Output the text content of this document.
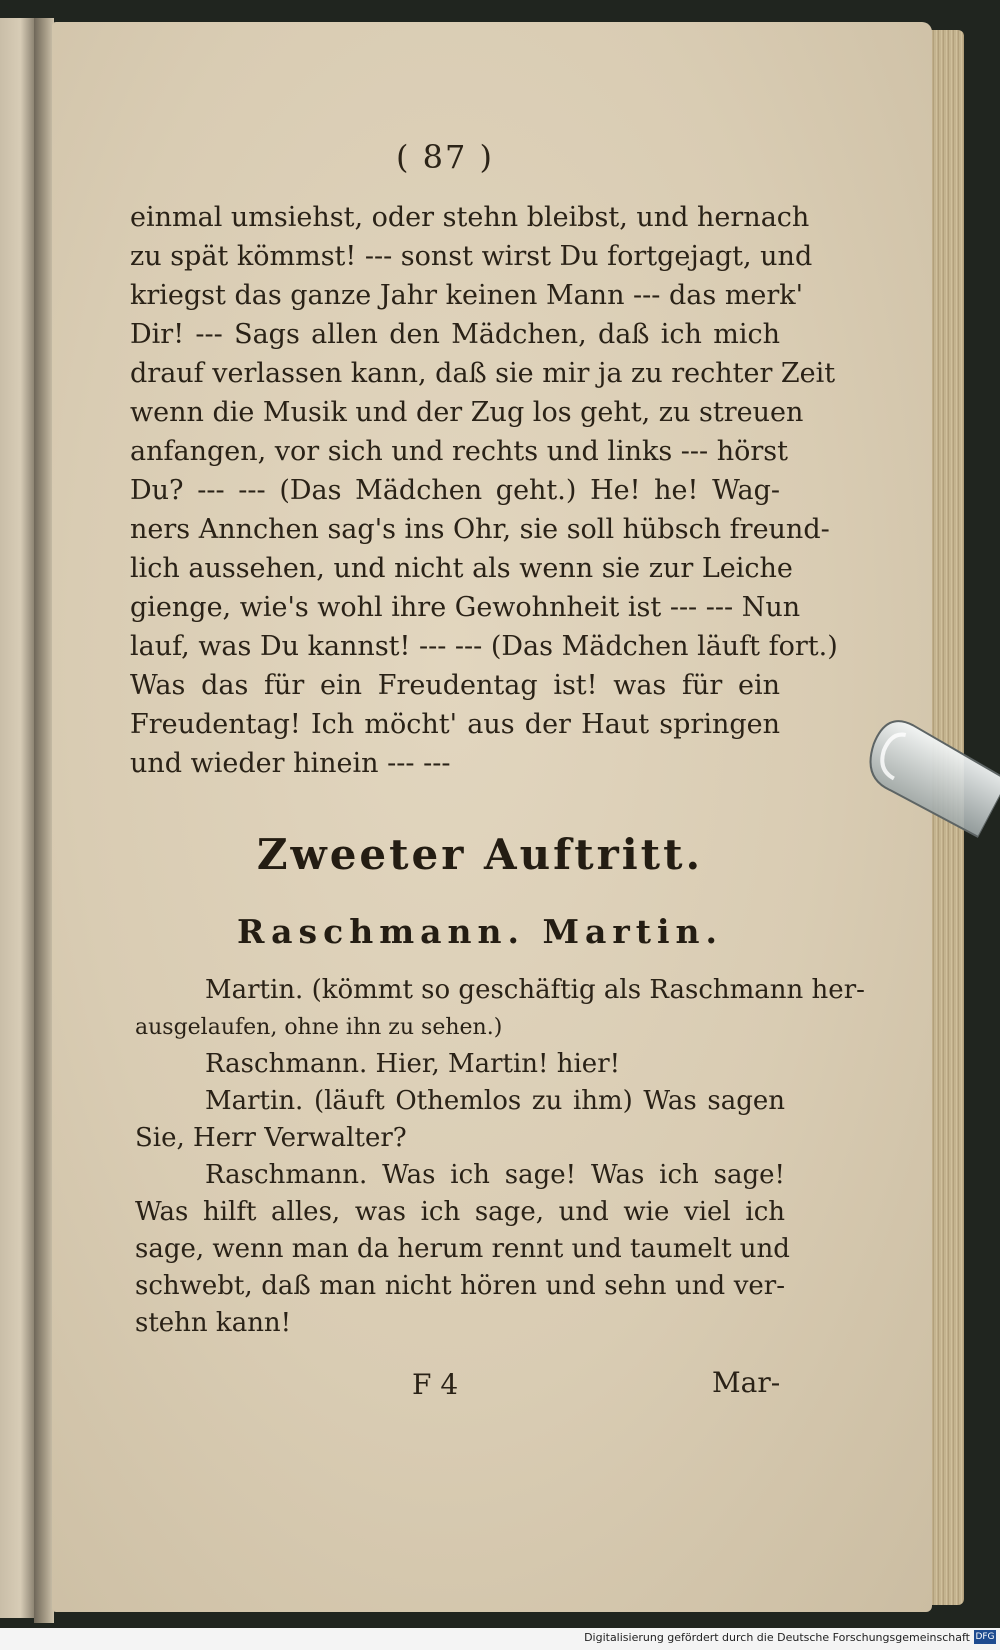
( 87 )
einmal umsiehst, oder stehn bleibst, und hernach
zu spät kömmst! --- sonst wirst Du fortgejagt, und
kriegst das ganze Jahr keinen Mann --- das merk'
Dir! --- Sags allen den Mädchen, daß ich mich
drauf verlassen kann, daß sie mir ja zu rechter Zeit
wenn die Musik und der Zug los geht, zu streuen
anfangen, vor sich und rechts und links --- hörst
Du? --- --- (Das Mädchen geht.) He! he! Wag-
ners Annchen sag's ins Ohr, sie soll hübsch freund-
lich aussehen, und nicht als wenn sie zur Leiche
gienge, wie's wohl ihre Gewohnheit ist --- --- Nun
lauf, was Du kannst! --- --- (Das Mädchen läuft fort.)
Was das für ein Freudentag ist! was für ein
Freudentag! Ich möcht' aus der Haut springen
und wieder hinein --- ---
Zweeter Auftritt.
Raschmann. Martin.
Martin. (kömmt so geschäftig als Raschmann her-
ausgelaufen, ohne ihn zu sehen.)
Raschmann. Hier, Martin! hier!
Martin. (läuft Othemlos zu ihm) Was sagen
Sie, Herr Verwalter?
Raschmann. Was ich sage! Was ich sage!
Was hilft alles, was ich sage, und wie viel ich
sage, wenn man da herum rennt und taumelt und
schwebt, daß man nicht hören und sehn und ver-
stehn kann!
F 4	Mar-
Digitalisierung gefördert durch die Deutsche Forschungsgemeinschaft DFG
